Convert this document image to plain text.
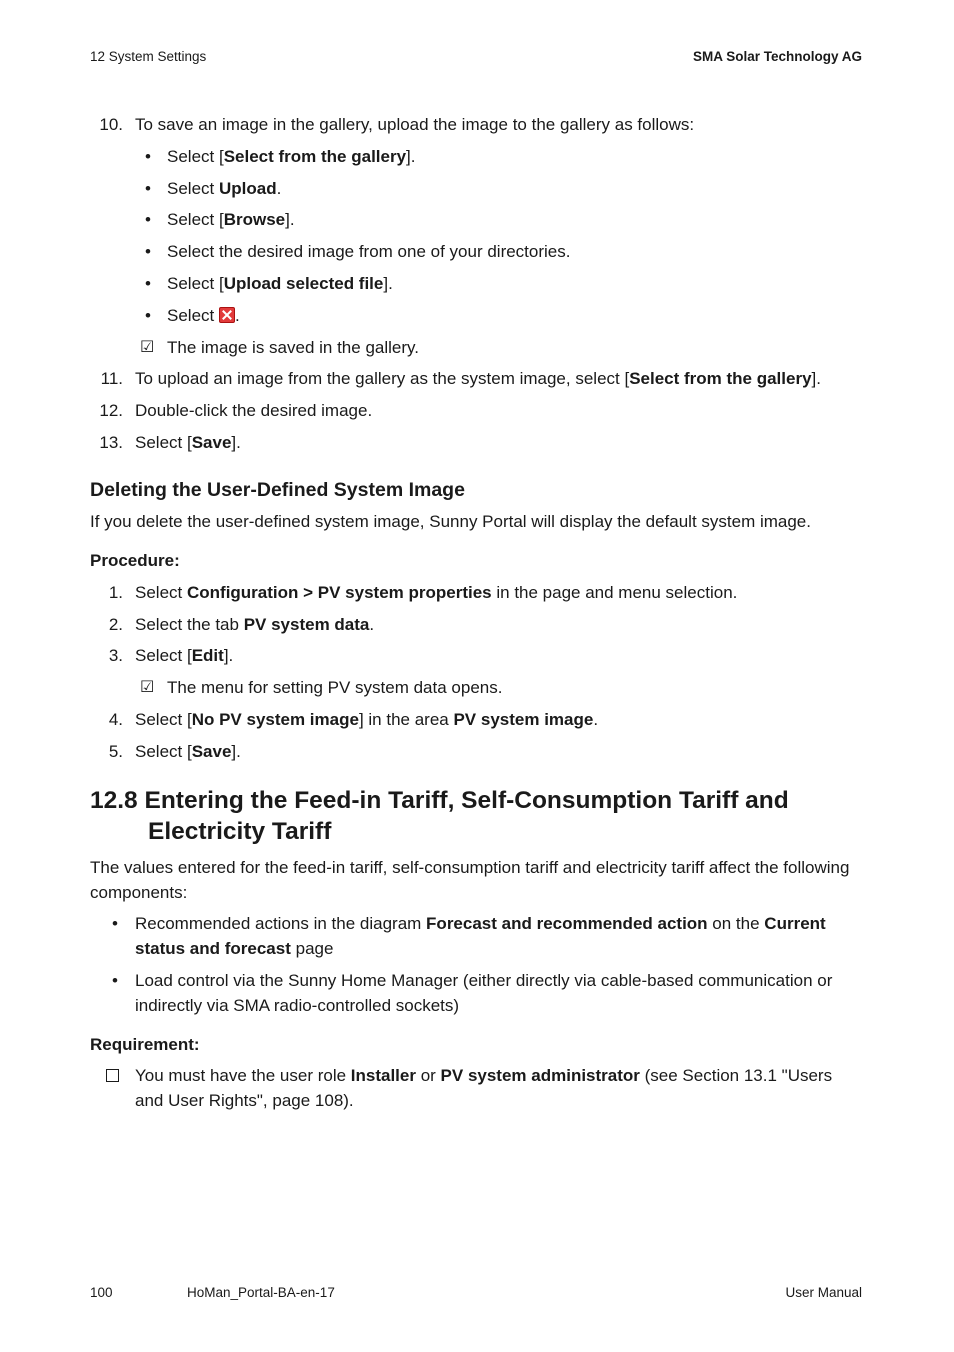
12 System Settings	SMA Solar Technology AG
10. To save an image in the gallery, upload the image to the gallery as follows:
• Select [Select from the gallery].
• Select Upload.
• Select [Browse].
• Select the desired image from one of your directories.
• Select [Upload selected file].
• Select .
☑ The image is saved in the gallery.
11. To upload an image from the gallery as the system image, select [Select from the gallery].
12. Double-click the desired image.
13. Select [Save].
Deleting the User-Defined System Image
If you delete the user-defined system image, Sunny Portal will display the default system image.
Procedure:
1. Select Configuration > PV system properties in the page and menu selection.
2. Select the tab PV system data.
3. Select [Edit].
☑ The menu for setting PV system data opens.
4. Select [No PV system image] in the area PV system image.
5. Select [Save].
12.8 Entering the Feed-in Tariff, Self-Consumption Tariff and
Electricity Tariff
The values entered for the feed-in tariff, self-consumption tariff and electricity tariff affect the following
components:
• Recommended actions in the diagram Forecast and recommended action on the Current
status and forecast page
• Load control via the Sunny Home Manager (either directly via cable-based communication or
indirectly via SMA radio-controlled sockets)
Requirement:
You must have the user role Installer or PV system administrator (see Section 13.1 "Users
and User Rights", page 108).
100	HoMan_Portal-BA-en-17	User Manual
